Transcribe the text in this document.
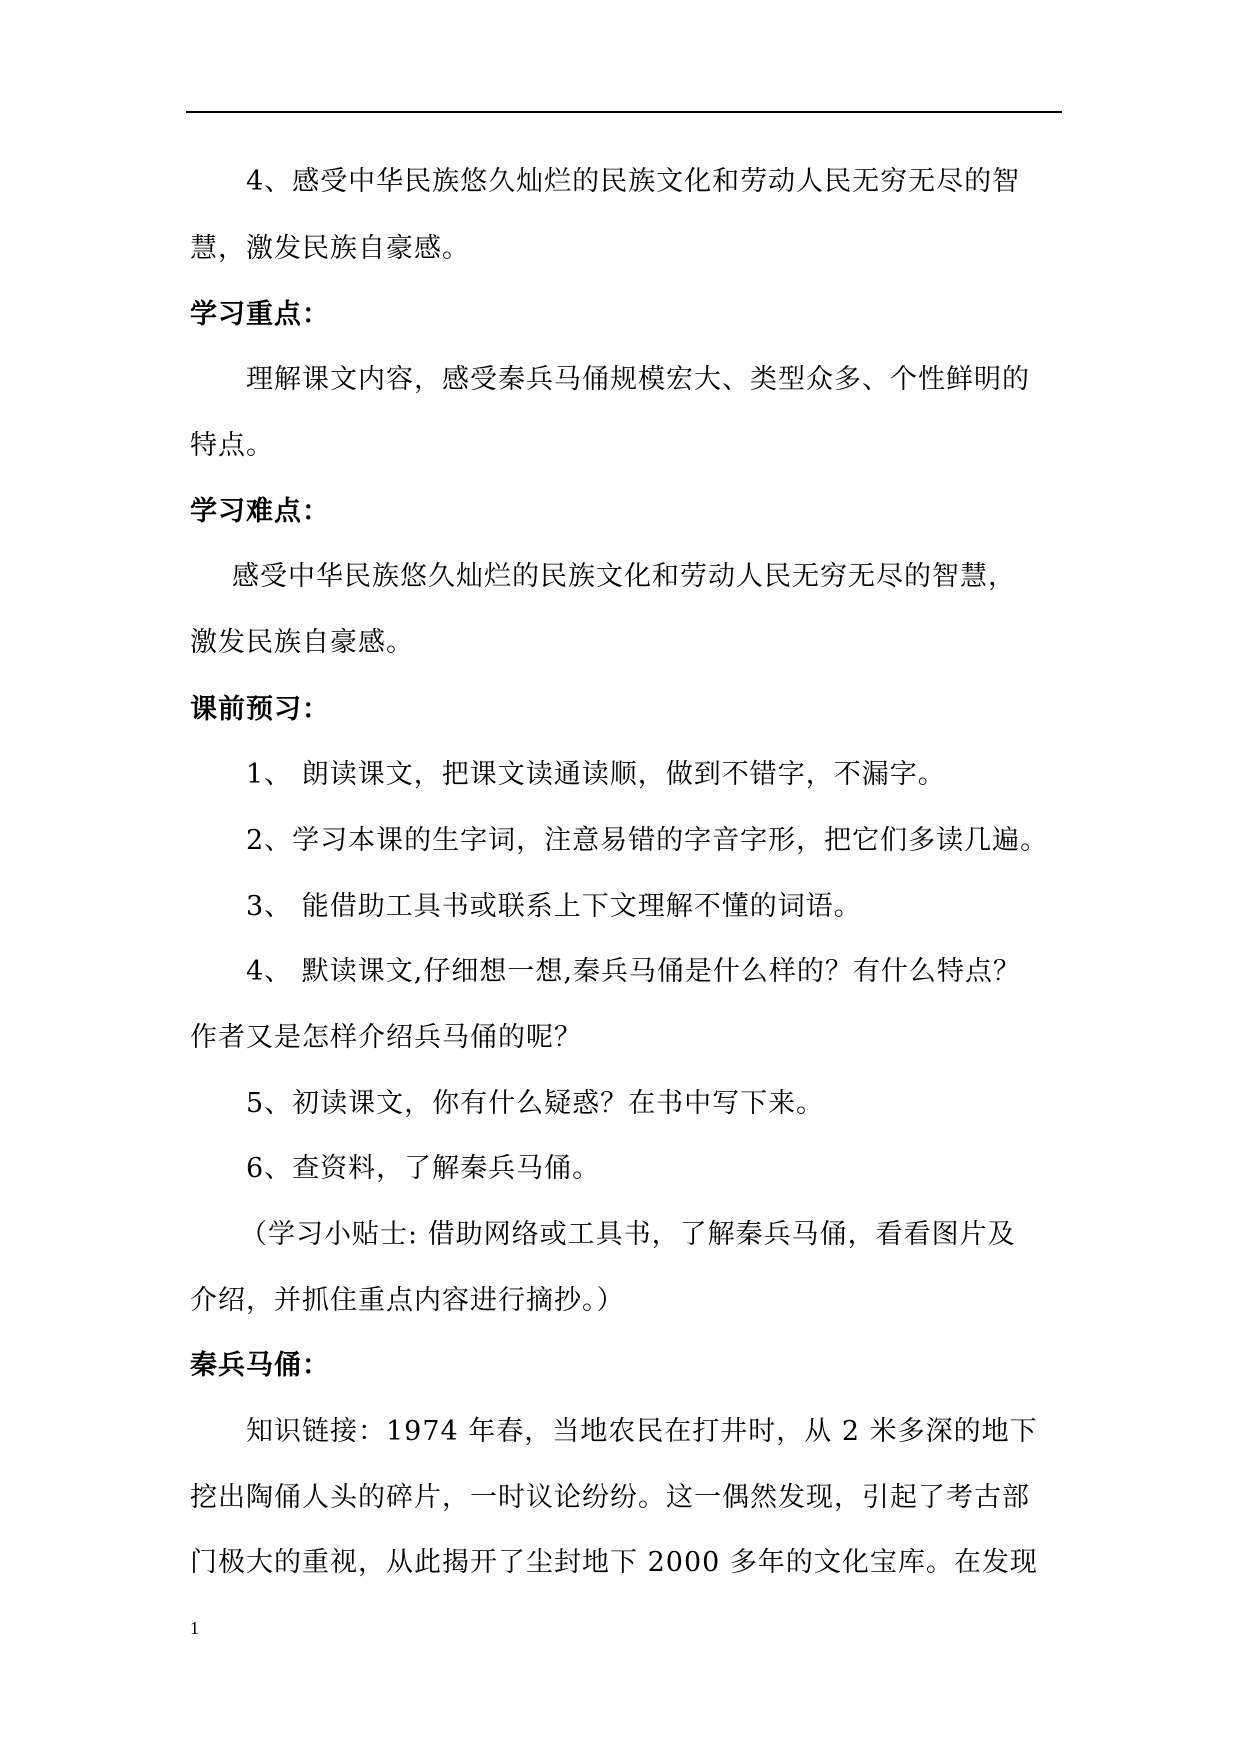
4、感受中华民族悠久灿烂的民族文化和劳动人民无穷无尽的智
慧，激发民族自豪感。
学习重点：
理解课文内容，感受秦兵马俑规模宏大、类型众多、个性鲜明的
特点。
学习难点：
感受中华民族悠久灿烂的民族文化和劳动人民无穷无尽的智慧，
激发民族自豪感。
课前预习：
1、 朗读课文，把课文读通读顺，做到不错字，不漏字。
2、学习本课的生字词，注意易错的字音字形，把它们多读几遍。
3、 能借助工具书或联系上下文理解不懂的词语。
4、 默读课文,仔细想一想,秦兵马俑是什么样的？有什么特点？
作者又是怎样介绍兵马俑的呢？
5、初读课文，你有什么疑惑？在书中写下来。
6、查资料，了解秦兵马俑。
（学习小贴士: 借助网络或工具书，了解秦兵马俑，看看图片及
介绍，并抓住重点内容进行摘抄。）
秦兵马俑：
知识链接：1974 年春，当地农民在打井时，从 2 米多深的地下
挖出陶俑人头的碎片，一时议论纷纷。这一偶然发现，引起了考古部
门极大的重视，从此揭开了尘封地下 2000 多年的文化宝库。在发现
1
